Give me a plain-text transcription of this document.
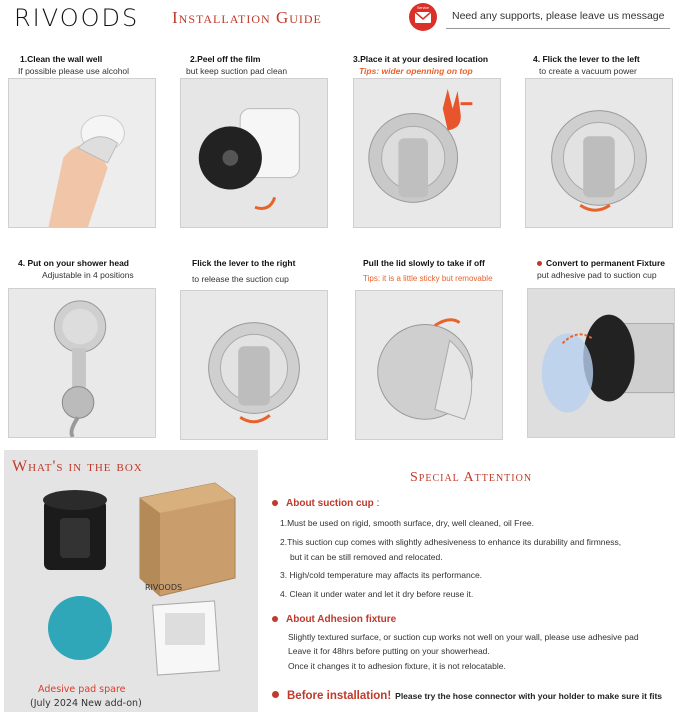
RIVOODS Installation Guide	Service
Need any supports, please leave us message
1.Clean the wall well
If possible please use alcohol
2.Peel off the film
but keep suction pad clean
3.Place it at your desired location
Tips: wider openning on top
4. Flick the lever to the left
to create a vacuum power
4. Put on your shower head
Adjustable in 4 positions
Flick the lever to the right
to release the suction cup
Pull the lid slowly to take if off
Tips: it is a little sticky but removable
Convert to permanent Fixture
put adhesive pad to suction cup
What's in the box
RIVOODS
Adesive pad spare
(July 2024 New add-on)
Special Attention
About suction cup :
1.Must be used on rigid, smooth surface, dry, well cleaned, oil Free.
2.This suction cup comes with slightly adhesiveness to enhance its durability and firmness,
but it can be still removed and relocated.
3. High/cold temperature may affacts its performance.
4. Clean it under water and let it dry before reuse it.
About Adhesion fixture
Slightly textured surface, or suction cup works not well on your wall, please use adhesive pad
Leave it for 48hrs before putting on your showerhead.
Once it changes it to adhesion fixture, it is not relocatable.
Before installation! Please try the hose connector with your holder to make sure it fits
